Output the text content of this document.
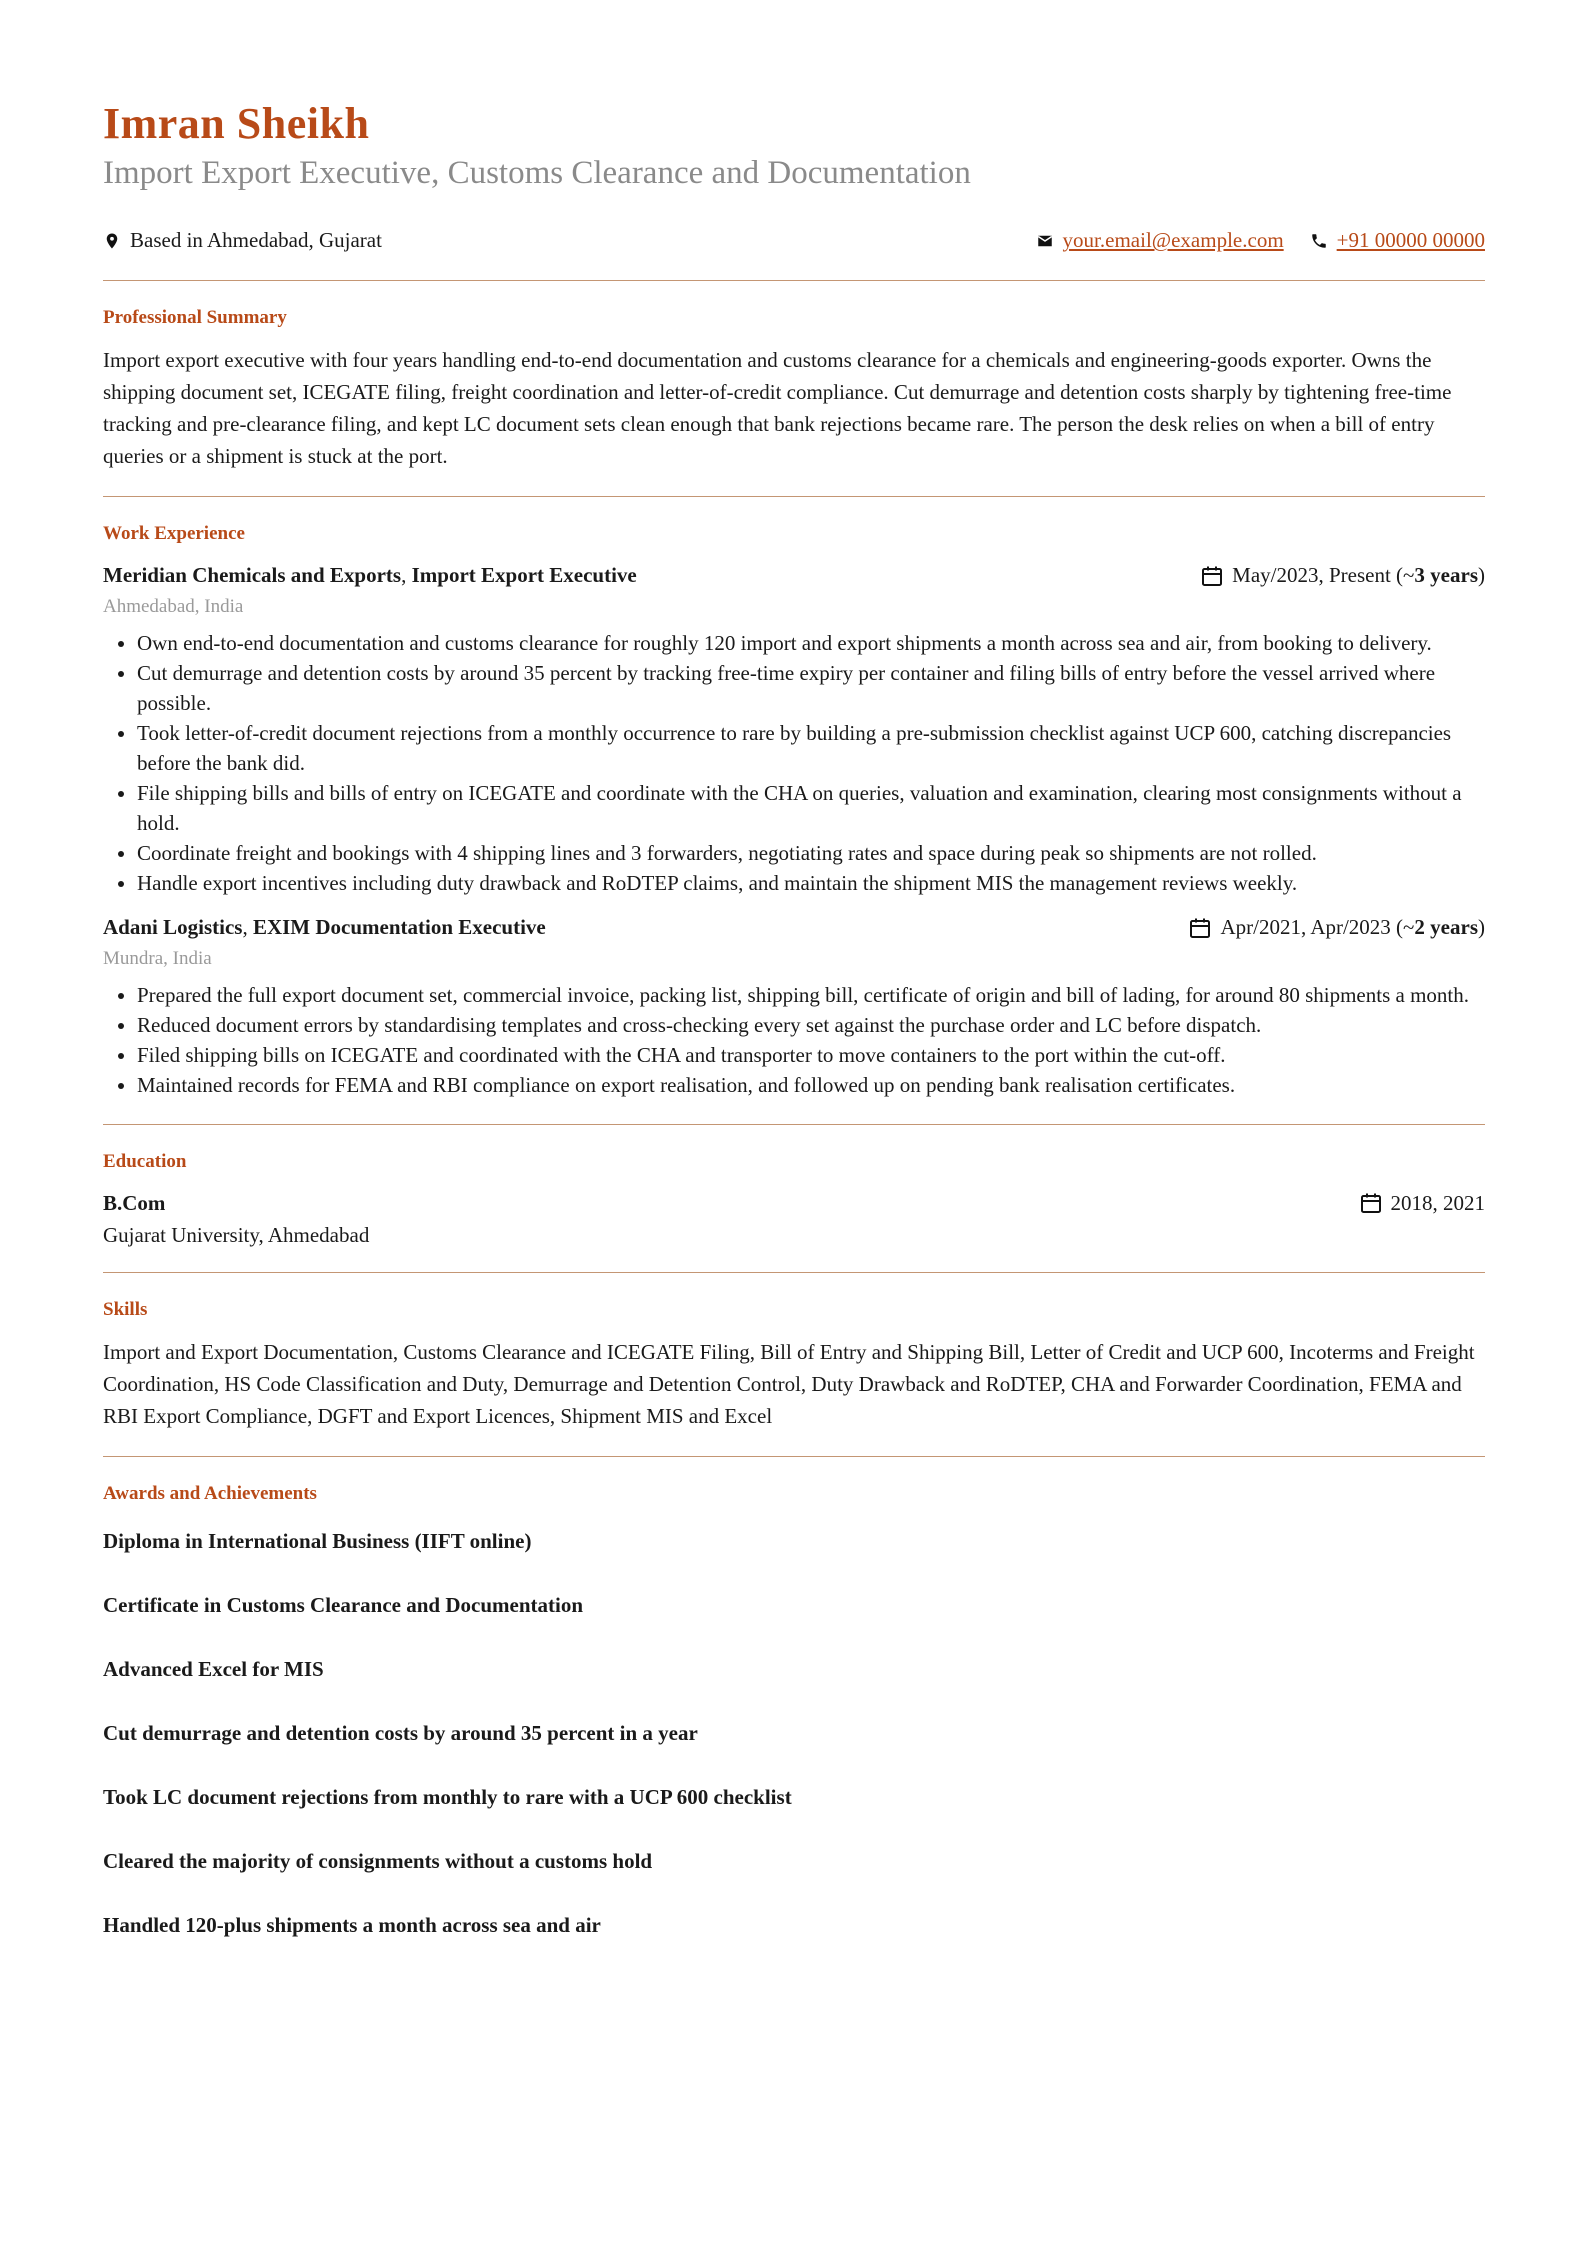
Imran Sheikh
Import Export Executive, Customs Clearance and Documentation
Based in Ahmedabad, Gujarat	your.email@example.com	+91 00000 00000
Professional Summary

Import export executive with four years handling end-to-end documentation and customs clearance for a chemicals and engineering-goods exporter. Owns the shipping document set, ICEGATE filing, freight coordination and letter-of-credit compliance. Cut demurrage and detention costs sharply by tightening free-time tracking and pre-clearance filing, and kept LC document sets clean enough that bank rejections became rare. The person the desk relies on when a bill of entry queries or a shipment is stuck at the port.

Work Experience
Meridian Chemicals and Exports, Import Export Executive	May/2023, Present (~ 3 years )
Ahmedabad, India
• Own end-to-end documentation and customs clearance for roughly 120 import and export shipments a month across sea and air, from booking to delivery.
• Cut demurrage and detention costs by around 35 percent by tracking free-time expiry per container and filing bills of entry before the vessel arrived where possible.
• Took letter-of-credit document rejections from a monthly occurrence to rare by building a pre-submission checklist against UCP 600, catching discrepancies before the bank did.
• File shipping bills and bills of entry on ICEGATE and coordinate with the CHA on queries, valuation and examination, clearing most consignments without a hold.
• Coordinate freight and bookings with 4 shipping lines and 3 forwarders, negotiating rates and space during peak so shipments are not rolled.
• Handle export incentives including duty drawback and RoDTEP claims, and maintain the shipment MIS the management reviews weekly.
Adani Logistics, EXIM Documentation Executive	Apr/2021, Apr/2023 (~ 2 years )
Mundra, India
• Prepared the full export document set, commercial invoice, packing list, shipping bill, certificate of origin and bill of lading, for around 80 shipments a month.
• Reduced document errors by standardising templates and cross-checking every set against the purchase order and LC before dispatch.
• Filed shipping bills on ICEGATE and coordinated with the CHA and transporter to move containers to the port within the cut-off.
• Maintained records for FEMA and RBI compliance on export realisation, and followed up on pending bank realisation certificates.
Education
B.Com	2018, 2021
Gujarat University, Ahmedabad
Skills

Import and Export Documentation, Customs Clearance and ICEGATE Filing, Bill of Entry and Shipping Bill, Letter of Credit and UCP 600, Incoterms and Freight Coordination, HS Code Classification and Duty, Demurrage and Detention Control, Duty Drawback and RoDTEP, CHA and Forwarder Coordination, FEMA and RBI Export Compliance, DGFT and Export Licences, Shipment MIS and Excel

Awards and Achievements
Diploma in International Business (IIFT online)
Certificate in Customs Clearance and Documentation
Advanced Excel for MIS
Cut demurrage and detention costs by around 35 percent in a year
Took LC document rejections from monthly to rare with a UCP 600 checklist
Cleared the majority of consignments without a customs hold
Handled 120-plus shipments a month across sea and air
